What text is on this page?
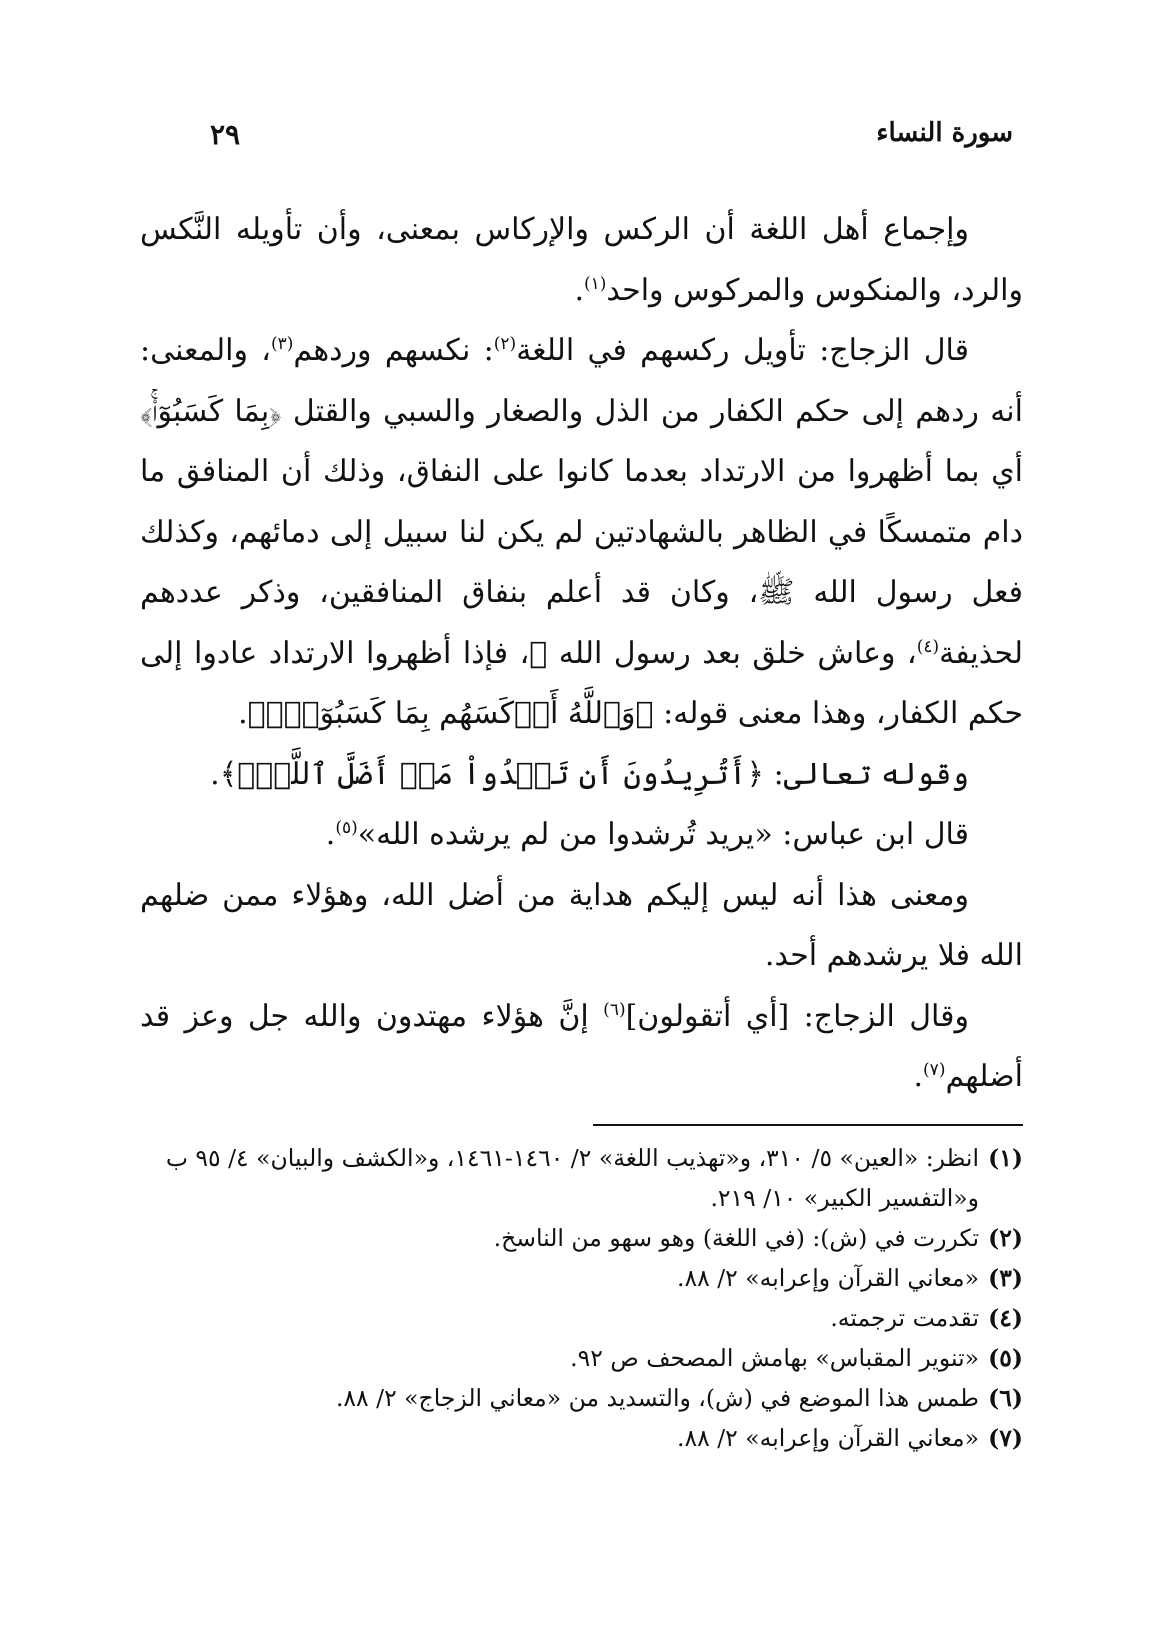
سورة النساء
٢٩

وإجماع أهل اللغة أن الركس والإركاس بمعنى، وأن تأويله النَّكس والرد، والمنكوس والمركوس واحد$^{(١)}$.

قال الزجاج: تأويل ركسهم في اللغة$^{(٢)}$: نكسهم وردهم$^{(٣)}$، والمعنى: أنه ردهم إلى حكم الكفار من الذل والصغار والسبي والقتل ﴿بِمَا كَسَبُوٓاْۚ﴾ أي بما أظهروا من الارتداد بعدما كانوا على النفاق، وذلك أن المنافق ما دام متمسكًا في الظاهر بالشهادتين لم يكن لنا سبيل إلى دمائهم، وكذلك فعل رسول الله ﷺ، وكان قد أعلم بنفاق المنافقين، وذكر عددهم لحذيفة$^{(٤)}$، وعاش خلق بعد رسول الله ﷺ، فإذا أظهروا الارتداد عادوا إلى حكم الكفار، وهذا معنى قوله: ﴿وَٱللَّهُ أَرۡكَسَهُم بِمَا كَسَبُوٓاْۚ﴾.

وقوله تعالى: ﴿أَتُرِيدُونَ أَن تَهۡدُواْ مَنۡ أَضَلَّ ٱللَّهُۖ﴾.

قال ابن عباس: «يريد تُرشدوا من لم يرشده الله»$^{(٥)}$.

ومعنى هذا أنه ليس إليكم هداية من أضل الله، وهؤلاء ممن ضلهم الله فلا يرشدهم أحد.

وقال الزجاج: [أي أتقولون]$^{(٦)}$ إنَّ هؤلاء مهتدون والله جل وعز قد أضلهم$^{(٧)}$.

(١)
انظر: «العين» ٥/ ٣١٠، و«تهذيب اللغة» ٢/ ١٤٦٠-١٤٦١، و«الكشف والبيان» ٤/ ٩٥ ب و«التفسير الكبير» ١٠/ ٢١٩.
(٢)
تكررت في (ش): (في اللغة) وهو سهو من الناسخ.
(٣)
«معاني القرآن وإعرابه» ٢/ ٨٨.
(٤)
تقدمت ترجمته.
(٥)
«تنوير المقباس» بهامش المصحف ص ٩٢.
(٦)
طمس هذا الموضع في (ش)، والتسديد من «معاني الزجاج» ٢/ ٨٨.
(٧)
«معاني القرآن وإعرابه» ٢/ ٨٨.
